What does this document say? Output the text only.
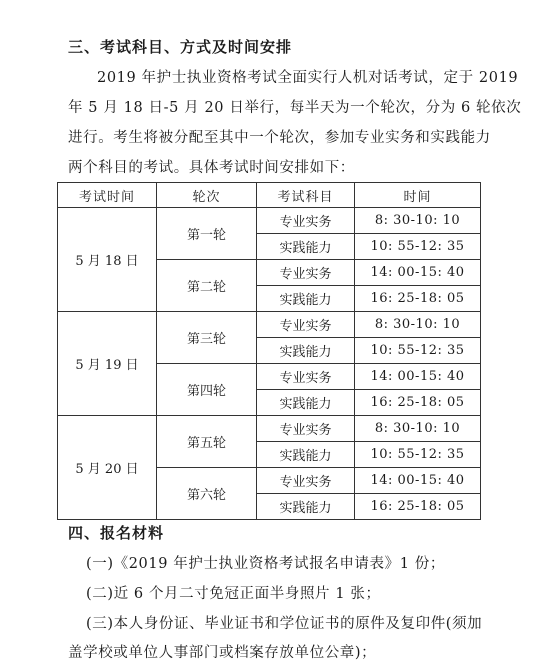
三、考试科目、方式及时间安排
2019 年护士执业资格考试全面实行人机对话考试，定于 2019
年 5 月 18 日-5 月 20 日举行，每半天为一个轮次，分为 6 轮依次
进行。考生将被分配至其中一个轮次，参加专业实务和实践能力
两个科目的考试。具体考试时间安排如下：
考试时间	轮次	考试科目	时间
5 月 18 日	第一轮	专业实务	8: 30-10: 10
		实践能力	10: 55-12: 35
	第二轮	专业实务	14: 00-15: 40
		实践能力	16: 25-18: 05
5 月 19 日	第三轮	专业实务	8: 30-10: 10
		实践能力	10: 55-12: 35
	第四轮	专业实务	14: 00-15: 40
		实践能力	16: 25-18: 05
5 月 20 日	第五轮	专业实务	8: 30-10: 10
		实践能力	10: 55-12: 35
	第六轮	专业实务	14: 00-15: 40
		实践能力	16: 25-18: 05
四、报名材料
(一)《2019 年护士执业资格考试报名申请表》1 份；
(二)近 6 个月二寸免冠正面半身照片 1 张；
(三)本人身份证、毕业证书和学位证书的原件及复印件(须加
盖学校或单位人事部门或档案存放单位公章)；
